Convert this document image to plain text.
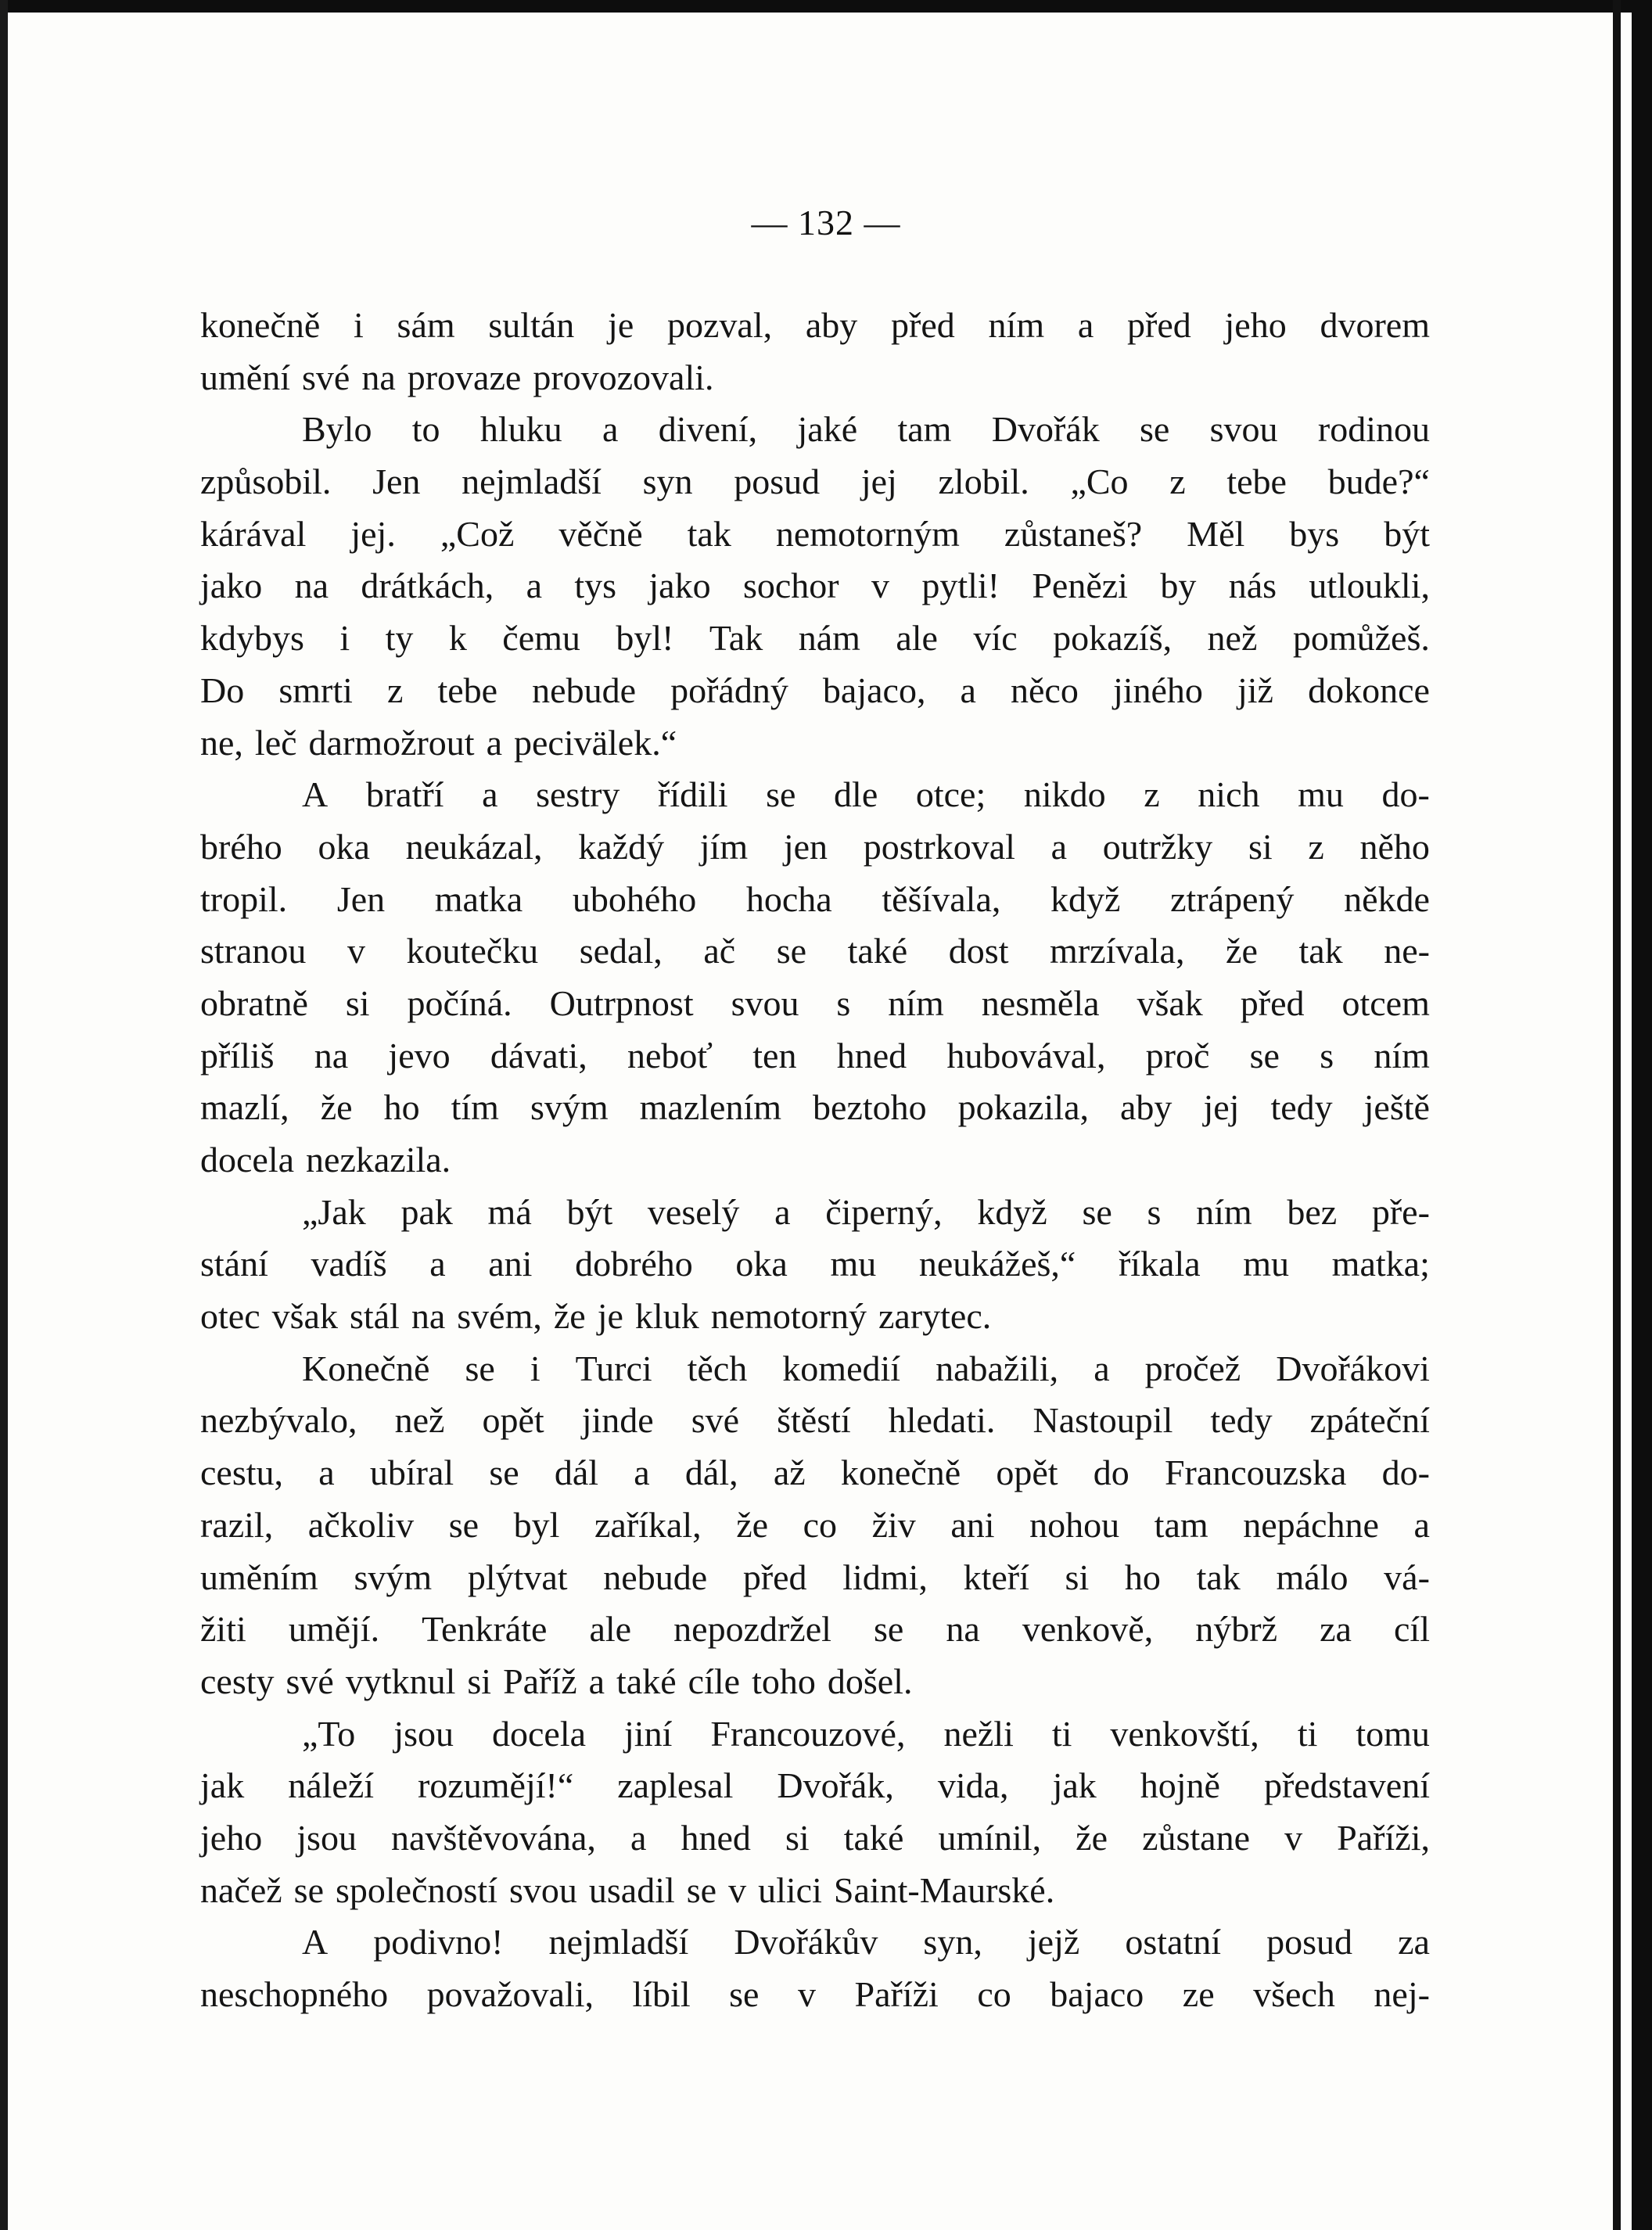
— 132 —
konečně i sám sultán je pozval, aby před ním a před jeho dvorem
umění své na provaze provozovali.
Bylo to hluku a divení, jaké tam Dvořák se svou rodinou
způsobil. Jen nejmladší syn posud jej zlobil. „Co z tebe bude?“
kárával jej. „Což věčně tak nemotorným zůstaneš? Měl bys být
jako na drátkách, a tys jako sochor v pytli! Penězi by nás utloukli,
kdybys i ty k čemu byl! Tak nám ale víc pokazíš, než pomůžeš.
Do smrti z tebe nebude pořádný bajaco, a něco jiného již dokonce
ne, leč darmožrout a pecivälek.“
A bratří a sestry řídili se dle otce; nikdo z nich mu do-
brého oka neukázal, každý jím jen postrkoval a outržky si z něho
tropil. Jen matka ubohého hocha těšívala, když ztrápený někde
stranou v koutečku sedal, ač se také dost mrzívala, že tak ne-
obratně si počíná. Outrpnost svou s ním nesměla však před otcem
příliš na jevo dávati, neboť ten hned hubovával, proč se s ním
mazlí, že ho tím svým mazlením beztoho pokazila, aby jej tedy ještě
docela nezkazila.
„Jak pak má být veselý a čiperný, když se s ním bez pře-
stání vadíš a ani dobrého oka mu neukážeš,“ říkala mu matka;
otec však stál na svém, že je kluk nemotorný zarytec.
Konečně se i Turci těch komedií nabažili, a pročež Dvořákovi
nezbývalo, než opět jinde své štěstí hledati. Nastoupil tedy zpáteční
cestu, a ubíral se dál a dál, až konečně opět do Francouzska do-
razil, ačkoliv se byl zaříkal, že co živ ani nohou tam nepáchne a
uměním svým plýtvat nebude před lidmi, kteří si ho tak málo vá-
žiti umějí. Tenkráte ale nepozdržel se na venkově, nýbrž za cíl
cesty své vytknul si Paříž a také cíle toho došel.
„To jsou docela jiní Francouzové, nežli ti venkovští, ti tomu
jak náleží rozumějí!“ zaplesal Dvořák, vida, jak hojně představení
jeho jsou navštěvována, a hned si také umínil, že zůstane v Paříži,
načež se společností svou usadil se v ulici Saint-Maurské.
A podivno! nejmladší Dvořákův syn, jejž ostatní posud za
neschopného považovali, líbil se v Paříži co bajaco ze všech nej-
